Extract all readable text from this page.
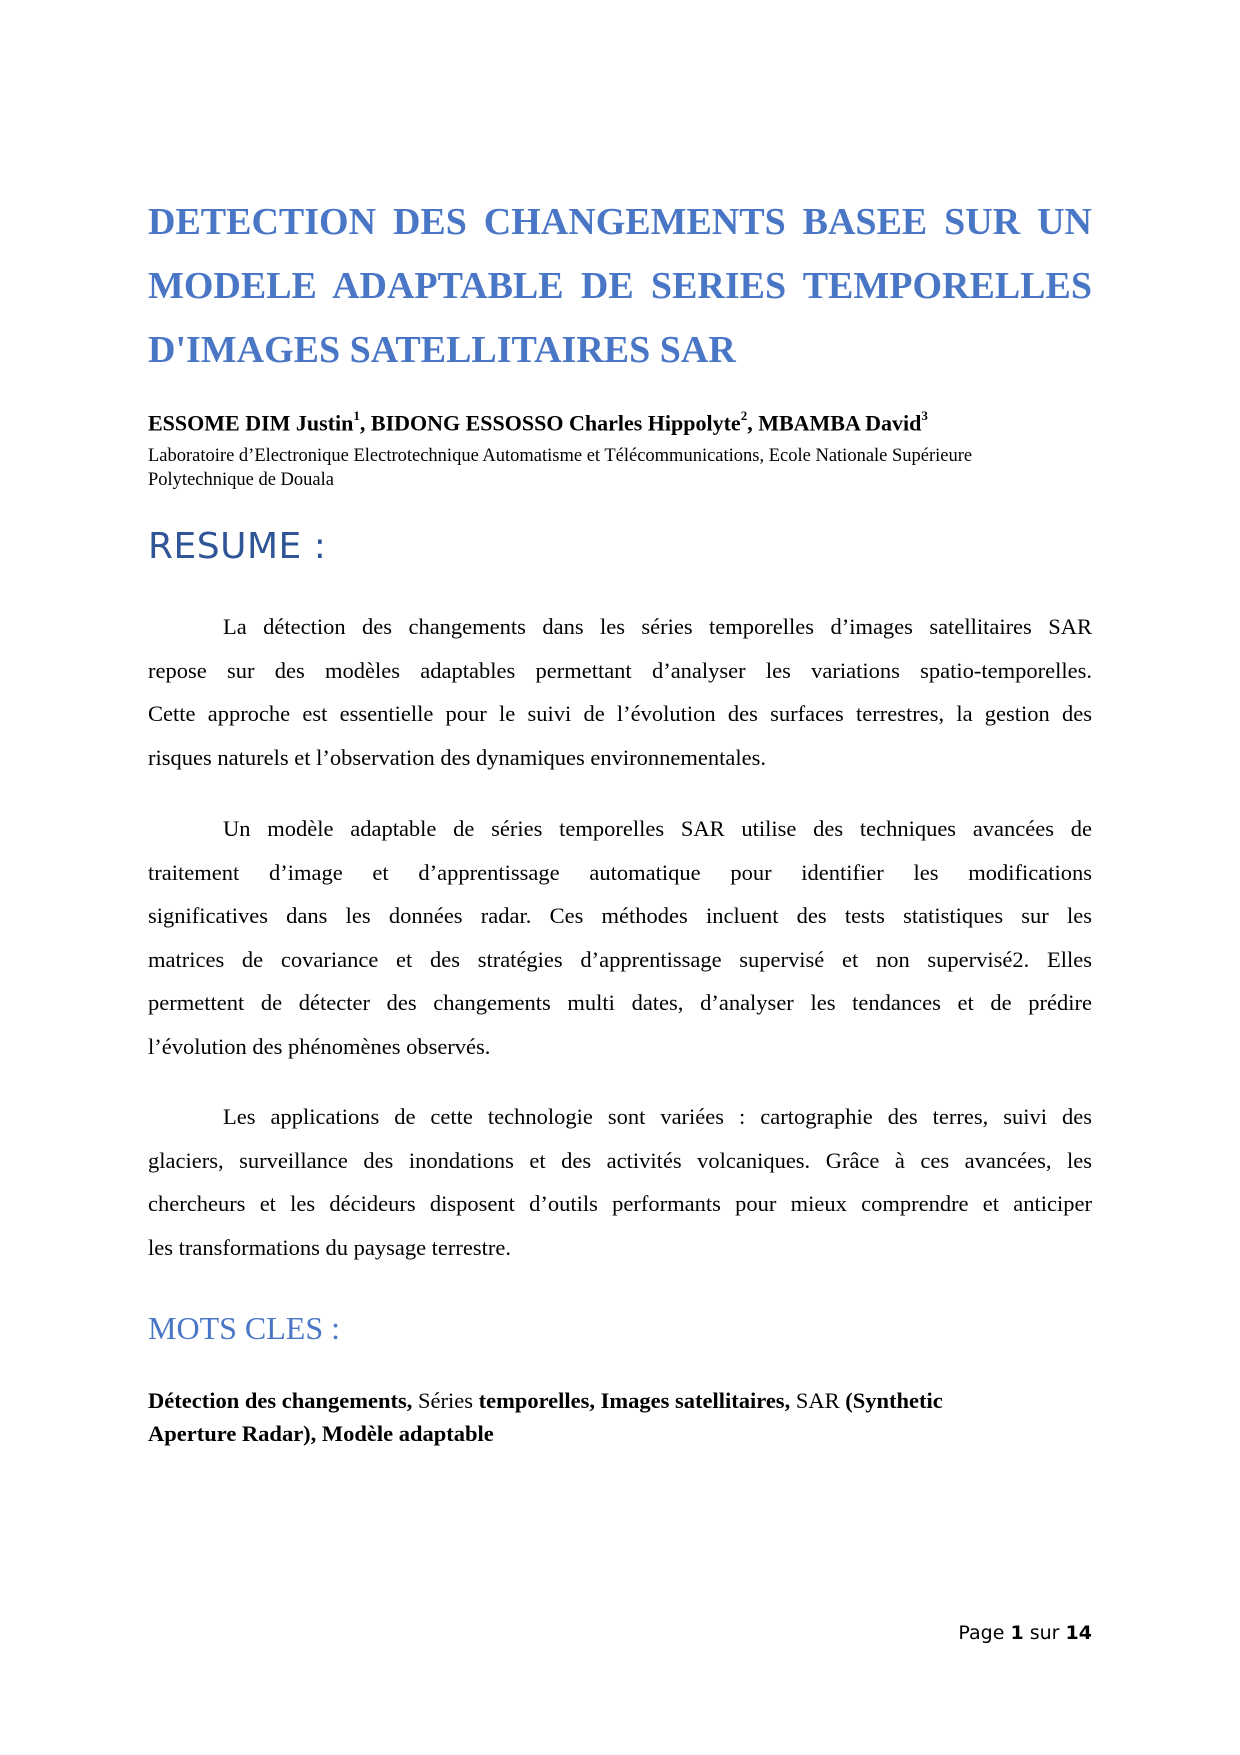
DETECTION DES CHANGEMENTS BASEE SUR UN
MODELE ADAPTABLE DE SERIES TEMPORELLES
D'IMAGES SATELLITAIRES SAR
ESSOME DIM Justin$^1$, BIDONG ESSOSSO Charles Hippolyte$^2$, MBAMBA David$^3$
Laboratoire d’Electronique Electrotechnique Automatisme et Télécommunications, Ecole Nationale Supérieure
Polytechnique de Douala
RESUME :
La détection des changements dans les séries temporelles d’images satellitaires SAR
repose sur des modèles adaptables permettant d’analyser les variations spatio-temporelles.
Cette approche est essentielle pour le suivi de l’évolution des surfaces terrestres, la gestion des
risques naturels et l’observation des dynamiques environnementales.
Un modèle adaptable de séries temporelles SAR utilise des techniques avancées de
traitement d’image et d’apprentissage automatique pour identifier les modifications
significatives dans les données radar. Ces méthodes incluent des tests statistiques sur les
matrices de covariance et des stratégies d’apprentissage supervisé et non supervisé2. Elles
permettent de détecter des changements multi dates, d’analyser les tendances et de prédire
l’évolution des phénomènes observés.
Les applications de cette technologie sont variées : cartographie des terres, suivi des
glaciers, surveillance des inondations et des activités volcaniques. Grâce à ces avancées, les
chercheurs et les décideurs disposent d’outils performants pour mieux comprendre et anticiper
les transformations du paysage terrestre.
MOTS CLES :
Détection des changements, Séries temporelles, Images satellitaires, SAR (Synthetic
Aperture Radar), Modèle adaptable
Page 1 sur 14
